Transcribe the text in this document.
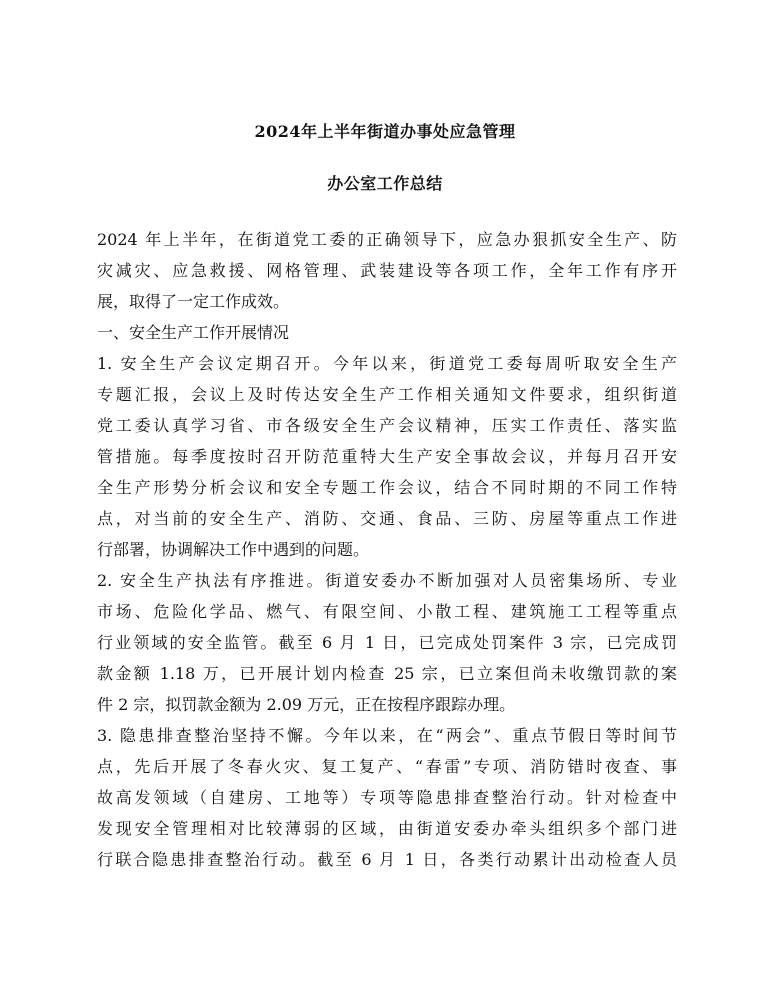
2024年上半年街道办事处应急管理
办公室工作总结
2024 年上半年，在街道党工委的正确领导下，应急办狠抓安全生产、防
灾减灾、应急救援、网格管理、武装建设等各项工作，全年工作有序开
展，取得了一定工作成效。
一、安全生产工作开展情况
1. 安全生产会议定期召开。今年以来，街道党工委每周听取安全生产
专题汇报，会议上及时传达安全生产工作相关通知文件要求，组织街道
党工委认真学习省、市各级安全生产会议精神，压实工作责任、落实监
管措施。每季度按时召开防范重特大生产安全事故会议，并每月召开安
全生产形势分析会议和安全专题工作会议，结合不同时期的不同工作特
点，对当前的安全生产、消防、交通、食品、三防、房屋等重点工作进
行部署，协调解决工作中遇到的问题。
2. 安全生产执法有序推进。街道安委办不断加强对人员密集场所、专业
市场、危险化学品、燃气、有限空间、小散工程、建筑施工工程等重点
行业领域的安全监管。截至 6 月 1 日，已完成处罚案件 3 宗，已完成罚
款金额 1.18 万，已开展计划内检查 25 宗，已立案但尚未收缴罚款的案
件 2 宗，拟罚款金额为 2.09 万元，正在按程序跟踪办理。
3. 隐患排查整治坚持不懈。今年以来，在“两会”、重点节假日等时间节
点，先后开展了冬春火灾、复工复产、“春雷”专项、消防错时夜查、事
故高发领域（自建房、工地等）专项等隐患排查整治行动。针对检查中
发现安全管理相对比较薄弱的区域，由街道安委办牵头组织多个部门进
行联合隐患排查整治行动。截至 6 月 1 日，各类行动累计出动检查人员
